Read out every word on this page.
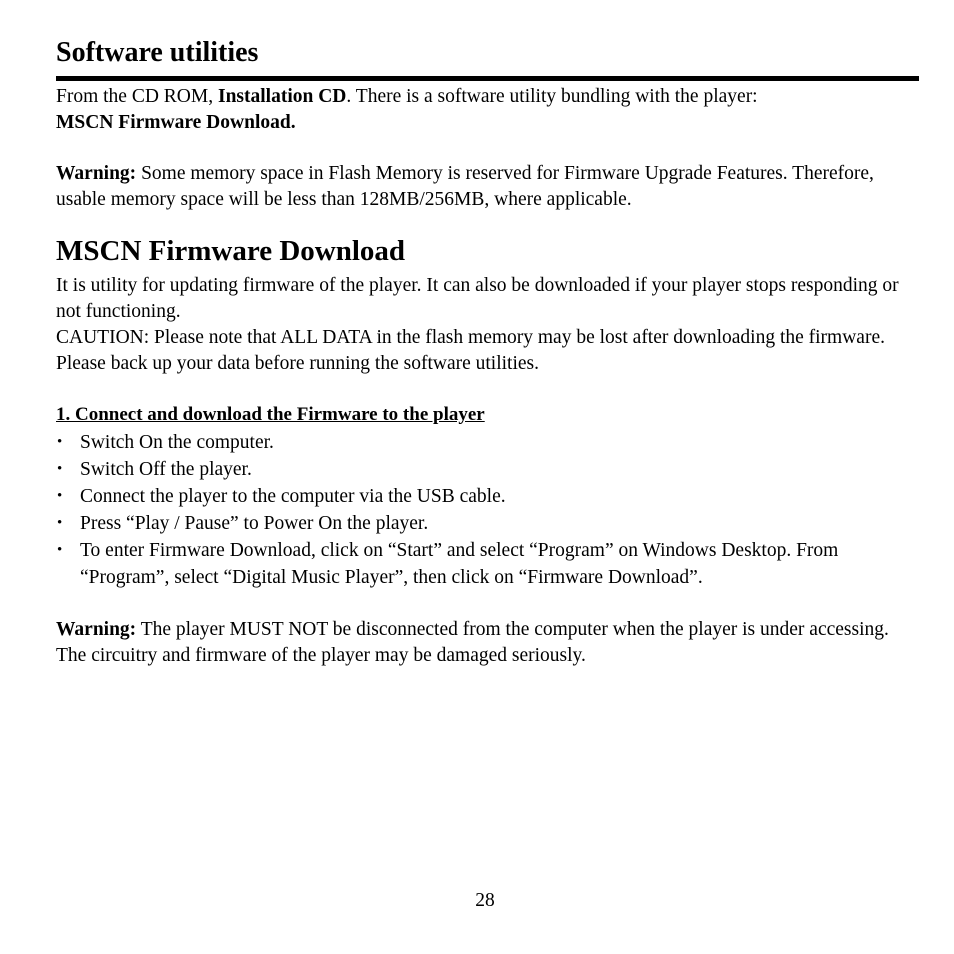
Software utilities

From the CD ROM, Installation CD. There is a software utility bundling with the player:
MSCN Firmware Download.

Warning: Some memory space in Flash Memory is reserved for Firmware Upgrade Features. Therefore, usable memory space will be less than 128MB/256MB, where applicable.

MSCN Firmware Download

It is utility for updating firmware of the player. It can also be downloaded if your player stops responding or not functioning.

CAUTION: Please note that ALL DATA in the flash memory may be lost after downloading the firmware. Please back up your data before running the software utilities.

1. Connect and download the Firmware to the player
• Switch On the computer.
• Switch Off the player.
• Connect the player to the computer via the USB cable.
• Press “Play / Pause” to Power On the player.
• To enter Firmware Download, click on “Start” and select “Program” on Windows Desktop. From “Program”, select “Digital Music Player”, then click on “Firmware Download”.

Warning: The player MUST NOT be disconnected from the computer when the player is under accessing. The circuitry and firmware of the player may be damaged seriously.

28
